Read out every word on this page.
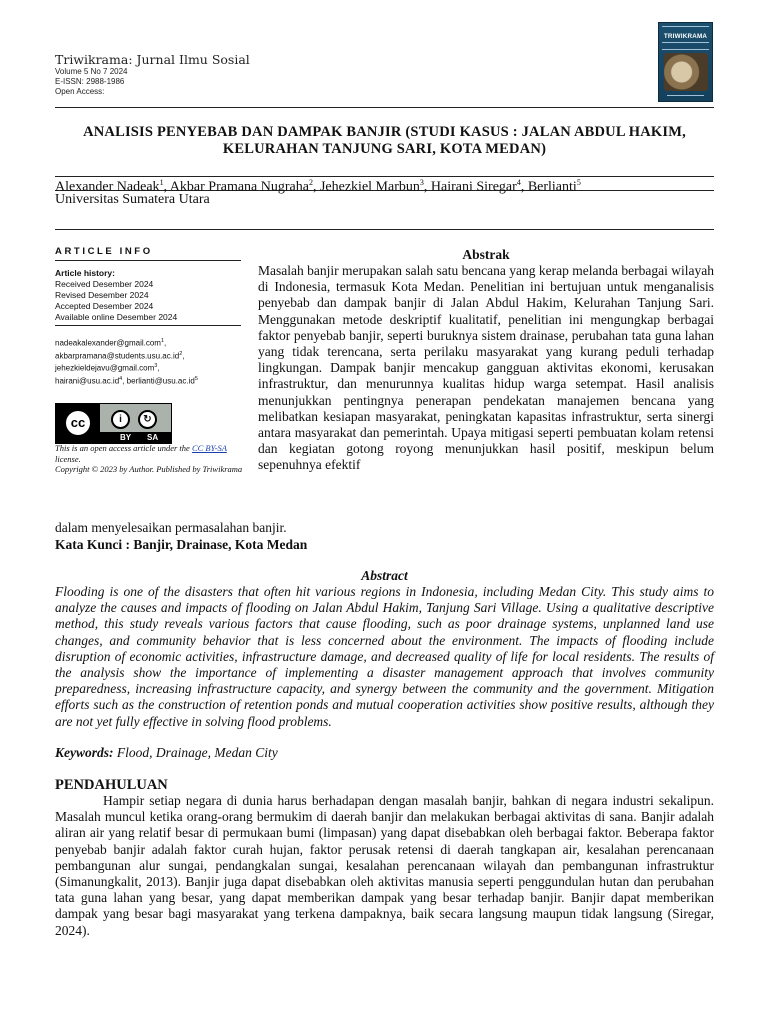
Triwikrama: Jurnal Ilmu Sosial
Volume 5 No 7 2024
E-ISSN: 2988-1986
Open Access:
TRIWIKRAMA
ANALISIS PENYEBAB DAN DAMPAK BANJIR (STUDI KASUS : JALAN ABDUL HAKIM, KELURAHAN TANJUNG SARI, KOTA MEDAN)
Alexander Nadeak$^1$, Akbar Pramana Nugraha$^2$, Jehezkiel Marbun$^3$, Hairani Siregar$^4$, Berlianti$^5$
Universitas Sumatera Utara
ARTICLE INFO
Article history:
Received Desember 2024
Revised Desember 2024
Accepted Desember 2024
Available online Desember 2024
nadeakalexander@gmail.com$^1$,
$akbarpramana@students.usu.ac.id^2$,
jehezkieldejavu@gmail.com$^3$,
$hairani@usu.ac.id^4$, $berlianti@usu.ac.id^5$
cc	i	↻
BY SA
This is an open access article under the CC BY-SA license.
Copyright © 2023 by Author. Published by Triwikrama
Abstrak
Masalah banjir merupakan salah satu bencana yang kerap melanda berbagai wilayah di Indonesia, termasuk Kota Medan. Penelitian ini bertujuan untuk menganalisis penyebab dan dampak banjir di Jalan Abdul Hakim, Kelurahan Tanjung Sari. Menggunakan metode deskriptif kualitatif, penelitian ini mengungkap berbagai faktor penyebab banjir, seperti buruknya sistem drainase, perubahan tata guna lahan yang tidak terencana, serta perilaku masyarakat yang kurang peduli terhadap lingkungan. Dampak banjir mencakup gangguan aktivitas ekonomi, kerusakan infrastruktur, dan menurunnya kualitas hidup warga setempat. Hasil analisis menunjukkan pentingnya penerapan pendekatan manajemen bencana yang melibatkan kesiapan masyarakat, peningkatan kapasitas infrastruktur, serta sinergi antara masyarakat dan pemerintah. Upaya mitigasi seperti pembuatan kolam retensi dan kegiatan gotong royong menunjukkan hasil positif, meskipun belum sepenuhnya efektif
dalam menyelesaikan permasalahan banjir.
Kata Kunci : Banjir, Drainase, Kota Medan
Abstract
Flooding is one of the disasters that often hit various regions in Indonesia, including Medan City. This study aims to analyze the causes and impacts of flooding on Jalan Abdul Hakim, Tanjung Sari Village. Using a qualitative descriptive method, this study reveals various factors that cause flooding, such as poor drainage systems, unplanned land use changes, and community behavior that is less concerned about the environment. The impacts of flooding include disruption of economic activities, infrastructure damage, and decreased quality of life for local residents. The results of the analysis show the importance of implementing a disaster management approach that involves community preparedness, increasing infrastructure capacity, and synergy between the community and the government. Mitigation efforts such as the construction of retention ponds and mutual cooperation activities show positive results, although they are not yet fully effective in solving flood problems.
Keywords: Flood, Drainage, Medan City
PENDAHULUAN
Hampir setiap negara di dunia harus berhadapan dengan masalah banjir, bahkan di negara industri sekalipun. Masalah muncul ketika orang-orang bermukim di daerah banjir dan melakukan berbagai aktivitas di sana. Banjir adalah aliran air yang relatif besar di permukaan bumi (limpasan) yang dapat disebabkan oleh berbagai faktor. Beberapa faktor penyebab banjir adalah faktor curah hujan, faktor perusak retensi di daerah tangkapan air, kesalahan perencanaan pembangunan alur sungai, pendangkalan sungai, kesalahan perencanaan wilayah dan pembangunan infrastruktur (Simanungkalit, 2013). Banjir juga dapat disebabkan oleh aktivitas manusia seperti penggundulan hutan dan perubahan tata guna lahan yang besar, yang dapat memberikan dampak yang besar terhadap banjir. Banjir dapat memberikan dampak yang besar bagi masyarakat yang terkena dampaknya, baik secara langsung maupun tidak langsung (Siregar, 2024).
